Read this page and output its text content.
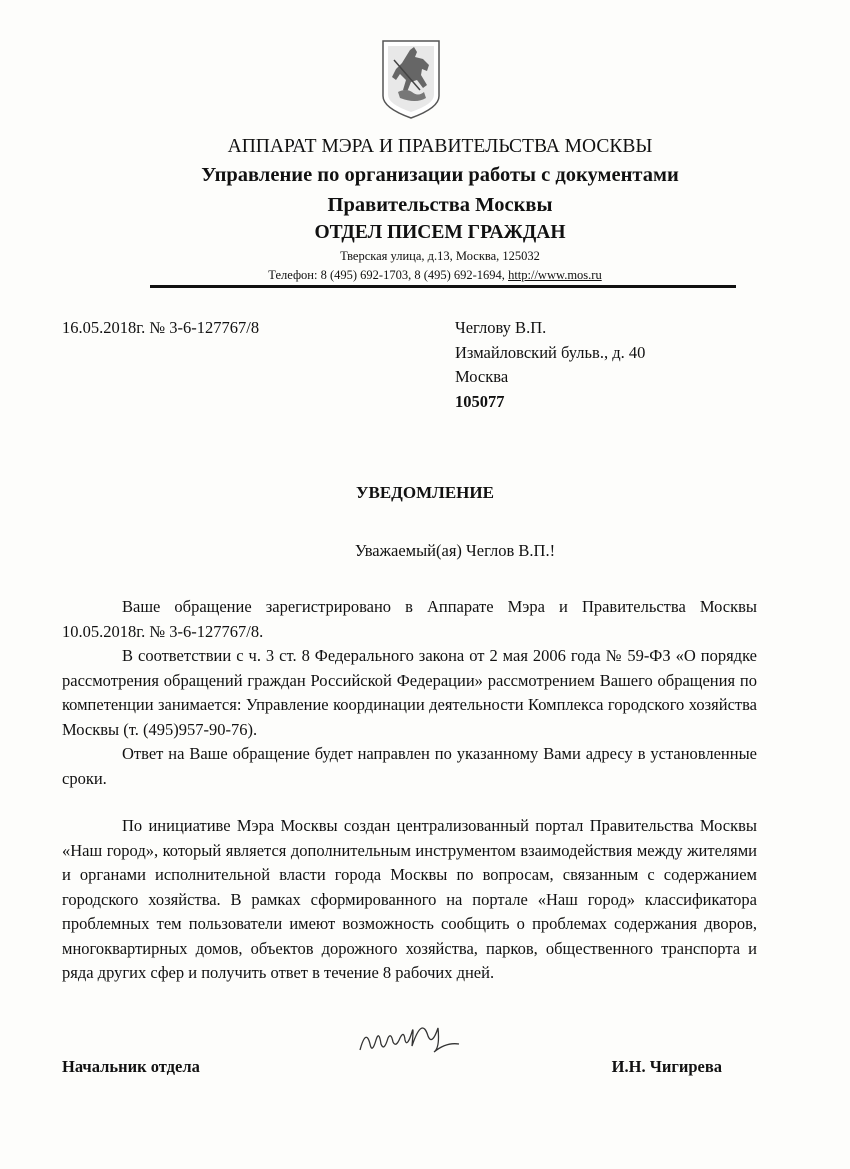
АППАРАТ МЭРА И ПРАВИТЕЛЬСТВА МОСКВЫ
Управление по организации работы с документами
Правительства Москвы
ОТДЕЛ ПИСЕМ ГРАЖДАН
Тверская улица, д.13, Москва, 125032
Телефон: 8 (495) 692-1703, 8 (495) 692-1694, http://www.mos.ru
16.05.2018г. № 3-6-127767/8	Чеглову В.П.
Измайловский бульв., д. 40
Москва
105077
УВЕДОМЛЕНИЕ
Уважаемый(ая) Чеглов В.П.!

Ваше обращение зарегистрировано в Аппарате Мэра и Правительства Москвы 10.05.2018г. № 3-6-127767/8.

В соответствии с ч. 3 ст. 8 Федерального закона от 2 мая 2006 года № 59-ФЗ «О порядке рассмотрения обращений граждан Российской Федерации» рассмотрением Вашего обращения по компетенции занимается: Управление координации деятельности Комплекса городского хозяйства Москвы (т. (495)957-90-76).

Ответ на Ваше обращение будет направлен по указанному Вами адресу в установленные сроки.

По инициативе Мэра Москвы создан централизованный портал Правительства Москвы «Наш город», который является дополнительным инструментом взаимодействия между жителями и органами исполнительной власти города Москвы по вопросам, связанным с содержанием городского хозяйства. В рамках сформированного на портале «Наш город» классификатора проблемных тем пользователи имеют возможность сообщить о проблемах содержания дворов, многоквартирных домов, объектов дорожного хозяйства, парков, общественного транспорта и ряда других сфер и получить ответ в течение 8 рабочих дней.

Начальник отдела	И.Н. Чигирева
